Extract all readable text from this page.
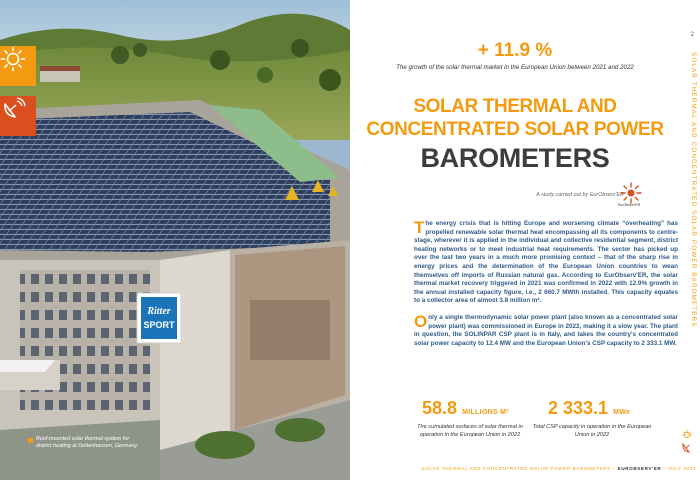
Ritter
SPORT
Roof-mounted solar thermal system for district heating at Dettenhausen, Germany.
2
SOLAR THERMAL AND CONCENTRATED SOLAR POWER BAROMETERS
+ 11.9 %
The growth of the solar thermal market in the European Union between 2021 and 2022
SOLAR THERMAL AND
CONCENTRATED SOLAR POWER
BAROMETERS
A study carried out by EurObserv'ER
EurObserv'ER
The energy crisis that is hitting Europe and worsening climate “overheating” has propelled renewable solar thermal heat encompassing all its components to centre-stage, wherever it is applied in the individual and collective residential segment, district heating networks or to meet industrial heat requirements. The sector has picked up over the last two years in a much more promising context – that of the sharp rise in energy prices and the determination of the European Union countries to wean themselves off imports of Russian natural gas. According to EurObserv'ER, the solar thermal market recovery triggered in 2021 was confirmed in 2022 with 12.9% growth in the annual installed capacity figure, i.e., 2 660.7 MWth installed. This capacity equates to a collector area of almost 3.8 million m².
Only a single thermodynamic solar power plant (also known as a concentrated solar power plant) was commissioned in Europe in 2022, making it a slow year. The plant in question, the SOLINPAR CSP plant is in Italy, and takes the country's concentrated solar power capacity to 12.4 MW and the European Union's CSP capacity to 2 333.1 MW.
58.8 MILLIONS M² 2 333.1 MWe
The cumulated surfaces of solar thermal in operation in the European Union in 2022
Total CSP capacity in operation in the European Union in 2022
SOLAR THERMAL AND CONCENTRATED SOLAR POWER BAROMETERS – EUROBSERV'ER – JULY 2023
